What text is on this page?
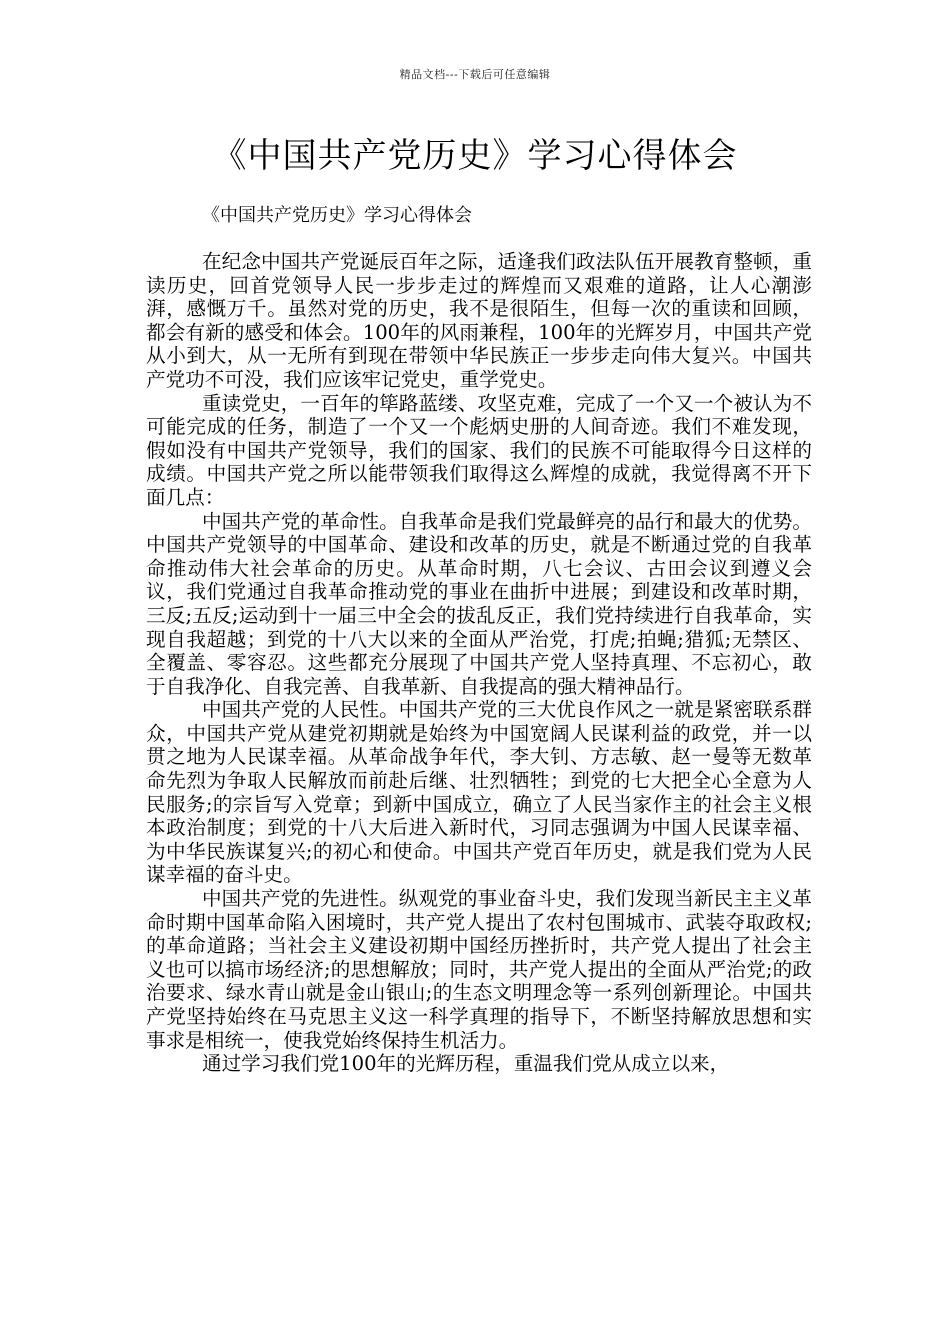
精品文档---下载后可任意编辑
《中国共产党历史》学习心得体会

《中国共产党历史》学习心得体会

在纪念中国共产党诞辰百年之际，适逢我们政法队伍开展教育整顿，重读历史，回首党领导人民一步步走过的辉煌而又艰难的道路，让人心潮澎湃，感慨万千。虽然对党的历史，我不是很陌生，但每一次的重读和回顾，都会有新的感受和体会。100年的风雨兼程，100年的光辉岁月，中国共产党从小到大，从一无所有到现在带领中华民族正一步步走向伟大复兴。中国共产党功不可没，我们应该牢记党史，重学党史。

重读党史，一百年的筚路蓝缕、攻坚克难，完成了一个又一个被认为不可能完成的任务，制造了一个又一个彪炳史册的人间奇迹。我们不难发现，假如没有中国共产党领导，我们的国家、我们的民族不可能取得今日这样的成绩。中国共产党之所以能带领我们取得这么辉煌的成就，我觉得离不开下面几点：

中国共产党的革命性。自我革命是我们党最鲜亮的品行和最大的优势。中国共产党领导的中国革命、建设和改革的历史，就是不断通过党的自我革命推动伟大社会革命的历史。从革命时期，八七会议、古田会议到遵义会议，我们党通过自我革命推动党的事业在曲折中进展；到建设和改革时期，三反;五反;运动到十一届三中全会的拔乱反正，我们党持续进行自我革命，实现自我超越；到党的十八大以来的全面从严治党，打虎;拍蝇;猎狐;无禁区、全覆盖、零容忍。这些都充分展现了中国共产党人坚持真理、不忘初心，敢于自我净化、自我完善、自我革新、自我提高的强大精神品行。

中国共产党的人民性。中国共产党的三大优良作风之一就是紧密联系群众，中国共产党从建党初期就是始终为中国宽阔人民谋利益的政党，并一以贯之地为人民谋幸福。从革命战争年代，李大钊、方志敏、赵一曼等无数革命先烈为争取人民解放而前赴后继、壮烈牺牲；到党的七大把全心全意为人民服务;的宗旨写入党章；到新中国成立，确立了人民当家作主的社会主义根本政治制度；到党的十八大后进入新时代，习同志强调为中国人民谋幸福、为中华民族谋复兴;的初心和使命。中国共产党百年历史，就是我们党为人民谋幸福的奋斗史。

中国共产党的先进性。纵观党的事业奋斗史，我们发现当新民主主义革命时期中国革命陷入困境时，共产党人提出了农村包围城市、武装夺取政权;的革命道路；当社会主义建设初期中国经历挫折时，共产党人提出了社会主义也可以搞市场经济;的思想解放；同时，共产党人提出的全面从严治党;的政治要求、绿水青山就是金山银山;的生态文明理念等一系列创新理论。中国共产党坚持始终在马克思主义这一科学真理的指导下，不断坚持解放思想和实事求是相统一，使我党始终保持生机活力。

通过学习我们党100年的光辉历程，重温我们党从成立以来，
